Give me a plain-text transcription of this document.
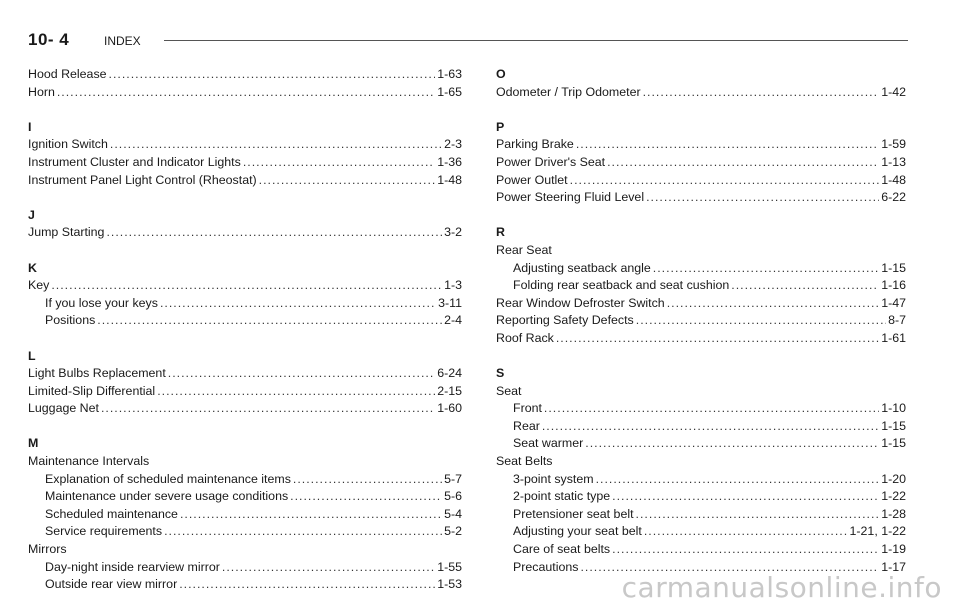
10- 4	INDEX
Hood Release .....	1-63
Horn .....	1-65
I
Ignition Switch .....	2-3
Instrument Cluster and Indicator Lights .....	1-36
Instrument Panel Light Control (Rheostat) .....	1-48
J
Jump Starting .....	3-2
K
Key .....	1-3
If you lose your keys .....	3-11
Positions .....	2-4
L
Light Bulbs Replacement .....	6-24
Limited-Slip Differential .....	2-15
Luggage Net .....	1-60
M
Maintenance Intervals
Explanation of scheduled maintenance items .....	5-7
Maintenance under severe usage conditions .....	5-6
Scheduled maintenance .....	5-4
Service requirements .....	5-2
Mirrors
Day-night inside rearview mirror .....	1-55
Outside rear view mirror .....	1-53
O
Odometer / Trip Odometer .....	1-42
P
Parking Brake .....	1-59
Power Driver's Seat .....	1-13
Power Outlet .....	1-48
Power Steering Fluid Level .....	6-22
R
Rear Seat
Adjusting seatback angle .....	1-15
Folding rear seatback and seat cushion .....	1-16
Rear Window Defroster Switch .....	1-47
Reporting Safety Defects .....	8-7
Roof Rack .....	1-61
S
Seat
Front .....	1-10
Rear .....	1-15
Seat warmer .....	1-15
Seat Belts
3-point system .....	1-20
2-point static type .....	1-22
Pretensioner seat belt .....	1-28
Adjusting your seat belt .....	1-21, 1-22
Care of seat belts .....	1-19
Precautions .....	1-17
carmanualsonline.info
